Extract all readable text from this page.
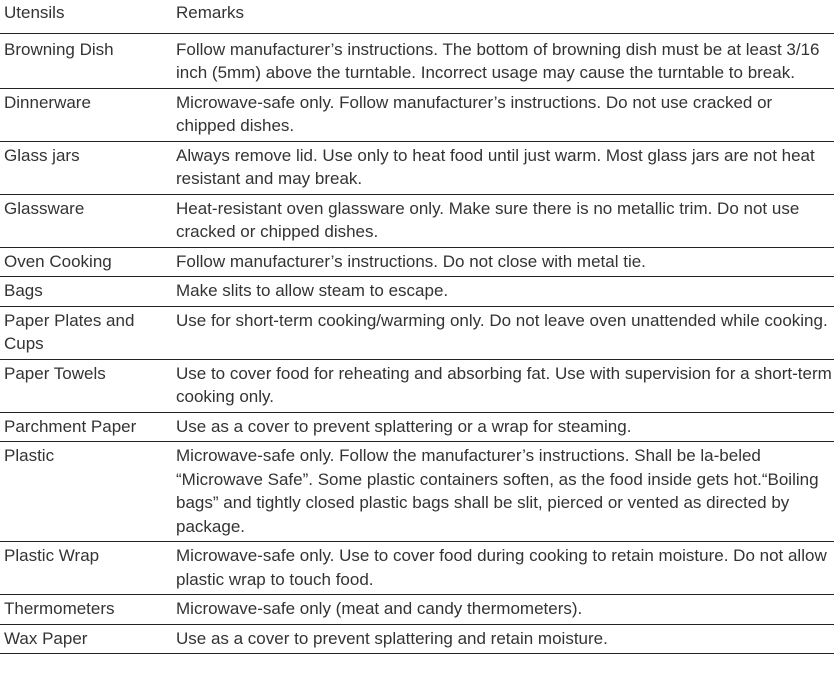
Utensils	Remarks
Browning Dish	Follow manufacturer’s instructions. The bottom of browning dish must be at least 3/16 inch (5mm) above the turntable. Incorrect usage may cause the turntable to break.
Dinnerware	Microwave-safe only. Follow manufacturer’s instructions. Do not use cracked or chipped dishes.
Glass jars	Always remove lid. Use only to heat food until just warm. Most glass jars are not heat resistant and may break.
Glassware	Heat-resistant oven glassware only. Make sure there is no metallic trim. Do not use cracked or chipped dishes.
Oven Cooking	Follow manufacturer’s instructions. Do not close with metal tie.
Bags	Make slits to allow steam to escape.
Paper Plates and Cups	Use for short-term cooking/warming only. Do not leave oven unattended while cooking.
Paper Towels	Use to cover food for reheating and absorbing fat. Use with supervision for a short-term cooking only.
Parchment Paper	Use as a cover to prevent splattering or a wrap for steaming.
Plastic	Microwave-safe only. Follow the manufacturer’s instructions. Shall be la-beled “Microwave Safe”. Some plastic containers soften, as the food inside gets hot.“Boiling bags” and tightly closed plastic bags shall be slit, pierced or vented as directed by package.
Plastic Wrap	Microwave-safe only. Use to cover food during cooking to retain moisture. Do not allow plastic wrap to touch food.
Thermometers	Microwave-safe only (meat and candy thermometers).
Wax Paper	Use as a cover to prevent splattering and retain moisture.
